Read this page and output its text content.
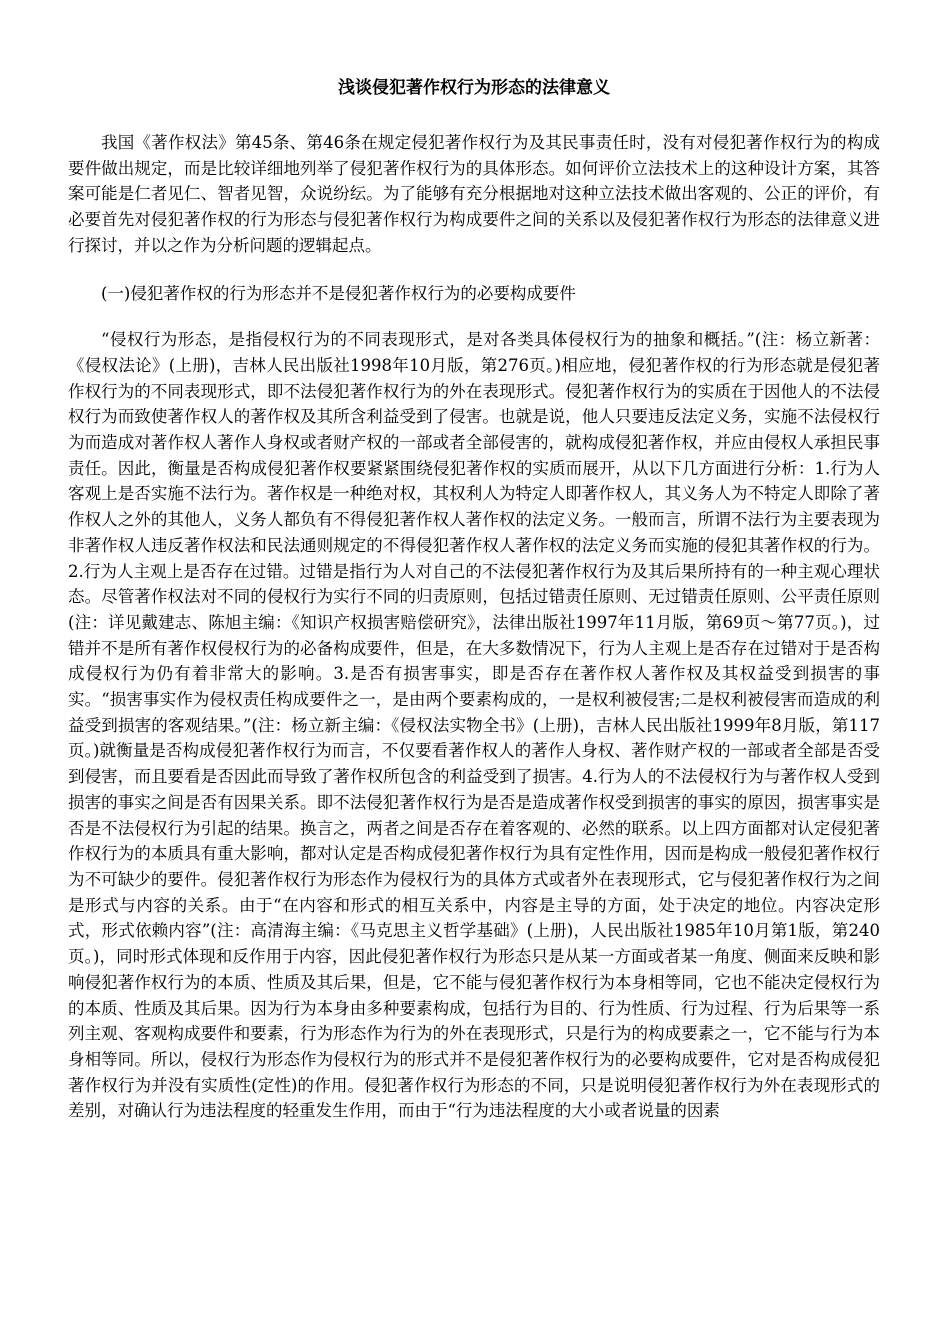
浅谈侵犯著作权行为形态的法律意义

我国《著作权法》第45条、第46条在规定侵犯著作权行为及其民事责任时，没有对侵犯著作权行为的构成要件做出规定，而是比较详细地列举了侵犯著作权行为的具体形态。如何评价立法技术上的这种设计方案，其答案可能是仁者见仁、智者见智，众说纷纭。为了能够有充分根据地对这种立法技术做出客观的、公正的评价，有必要首先对侵犯著作权的行为形态与侵犯著作权行为构成要件之间的关系以及侵犯著作权行为形态的法律意义进行探讨，并以之作为分析问题的逻辑起点。

(一)侵犯著作权的行为形态并不是侵犯著作权行为的必要构成要件

“侵权行为形态，是指侵权行为的不同表现形式，是对各类具体侵权行为的抽象和概括。”(注：杨立新著：《侵权法论》(上册)，吉林人民出版社1998年10月版，第276页。)相应地，侵犯著作权的行为形态就是侵犯著作权行为的不同表现形式，即不法侵犯著作权行为的外在表现形式。侵犯著作权行为的实质在于因他人的不法侵权行为而致使著作权人的著作权及其所含利益受到了侵害。也就是说，他人只要违反法定义务，实施不法侵权行为而造成对著作权人著作人身权或者财产权的一部或者全部侵害的，就构成侵犯著作权，并应由侵权人承担民事责任。因此，衡量是否构成侵犯著作权要紧紧围绕侵犯著作权的实质而展开，从以下几方面进行分析：1.行为人客观上是否实施不法行为。著作权是一种绝对权，其权利人为特定人即著作权人，其义务人为不特定人即除了著作权人之外的其他人，义务人都负有不得侵犯著作权人著作权的法定义务。一般而言，所谓不法行为主要表现为非著作权人违反著作权法和民法通则规定的不得侵犯著作权人著作权的法定义务而实施的侵犯其著作权的行为。2.行为人主观上是否存在过错。过错是指行为人对自己的不法侵犯著作权行为及其后果所持有的一种主观心理状态。尽管著作权法对不同的侵权行为实行不同的归责原则，包括过错责任原则、无过错责任原则、公平责任原则(注：详见戴建志、陈旭主编：《知识产权损害赔偿研究》，法律出版社1997年11月版，第69页～第77页。)，过错并不是所有著作权侵权行为的必备构成要件，但是，在大多数情况下，行为人主观上是否存在过错对于是否构成侵权行为仍有着非常大的影响。3.是否有损害事实，即是否存在著作权人著作权及其权益受到损害的事实。“损害事实作为侵权责任构成要件之一，是由两个要素构成的，一是权利被侵害;二是权利被侵害而造成的利益受到损害的客观结果。”(注：杨立新主编：《侵权法实物全书》(上册)，吉林人民出版社1999年8月版，第117页。)就衡量是否构成侵犯著作权行为而言，不仅要看著作权人的著作人身权、著作财产权的一部或者全部是否受到侵害，而且要看是否因此而导致了著作权所包含的利益受到了损害。4.行为人的不法侵权行为与著作权人受到损害的事实之间是否有因果关系。即不法侵犯著作权行为是否是造成著作权受到损害的事实的原因，损害事实是否是不法侵权行为引起的结果。换言之，两者之间是否存在着客观的、必然的联系。以上四方面都对认定侵犯著作权行为的本质具有重大影响，都对认定是否构成侵犯著作权行为具有定性作用，因而是构成一般侵犯著作权行为不可缺少的要件。侵犯著作权行为形态作为侵权行为的具体方式或者外在表现形式，它与侵犯著作权行为之间是形式与内容的关系。由于“在内容和形式的相互关系中，内容是主导的方面，处于决定的地位。内容决定形式，形式依赖内容”(注：高清海主编：《马克思主义哲学基础》(上册)，人民出版社1985年10月第1版，第240页。)，同时形式体现和反作用于内容，因此侵犯著作权行为形态只是从某一方面或者某一角度、侧面来反映和影响侵犯著作权行为的本质、性质及其后果，但是，它不能与侵犯著作权行为本身相等同，它也不能决定侵权行为的本质、性质及其后果。因为行为本身由多种要素构成，包括行为目的、行为性质、行为过程、行为后果等一系列主观、客观构成要件和要素，行为形态作为行为的外在表现形式，只是行为的构成要素之一，它不能与行为本身相等同。所以，侵权行为形态作为侵权行为的形式并不是侵犯著作权行为的必要构成要件，它对是否构成侵犯著作权行为并没有实质性(定性)的作用。侵犯著作权行为形态的不同，只是说明侵犯著作权行为外在表现形式的差别，对确认行为违法程度的轻重发生作用，而由于“行为违法程度的大小或者说量的因素
